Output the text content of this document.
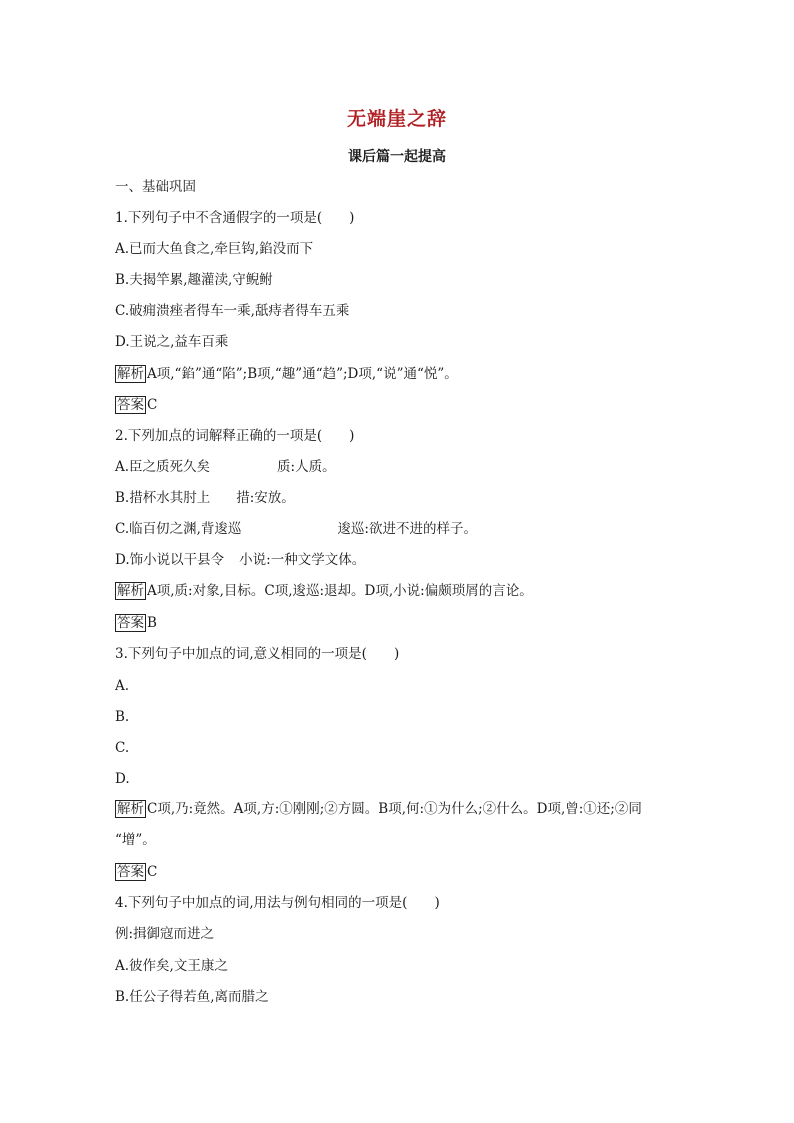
无端崖之辞
课后篇一起提高
一、基础巩固
1.下列句子中不含通假字的一项是(　　)
A.已而大鱼食之,牵巨钩,錎没而下
B.夫揭竿累,趣灌渎,守鲵鲋
C.破痈溃痤者得车一乘,舐痔者得车五乘
D.王说之,益车百乘
解析 A项,“錎”通“陷”;B项,“趣”通“趋”;D项,“说”通“悦”。
答案 C
2.下列加点的词解释正确的一项是(　　)
A.臣之质死久矣	质:人质。
B.措杯水其肘上 措:安放。
C.临百仞之渊,背逡巡	逡巡:欲进不进的样子。
D.饰小说以干县令 小说:一种文学文体。
解析 A项,质:对象,目标。C项,逡巡:退却。D项,小说:偏颇琐屑的言论。
答案 B
3.下列句子中加点的词,意义相同的一项是(　　)
A.
B.
C.
D.
解析 C项,乃:竟然。A项,方:①刚刚;②方圆。B项,何:①为什么;②什么。D项,曾:①还;②同
“增”。
答案 C
4.下列句子中加点的词,用法与例句相同的一项是(　　)
例:揖御寇而进之
A.彼作矣,文王康之
B.任公子得若鱼,离而腊之
